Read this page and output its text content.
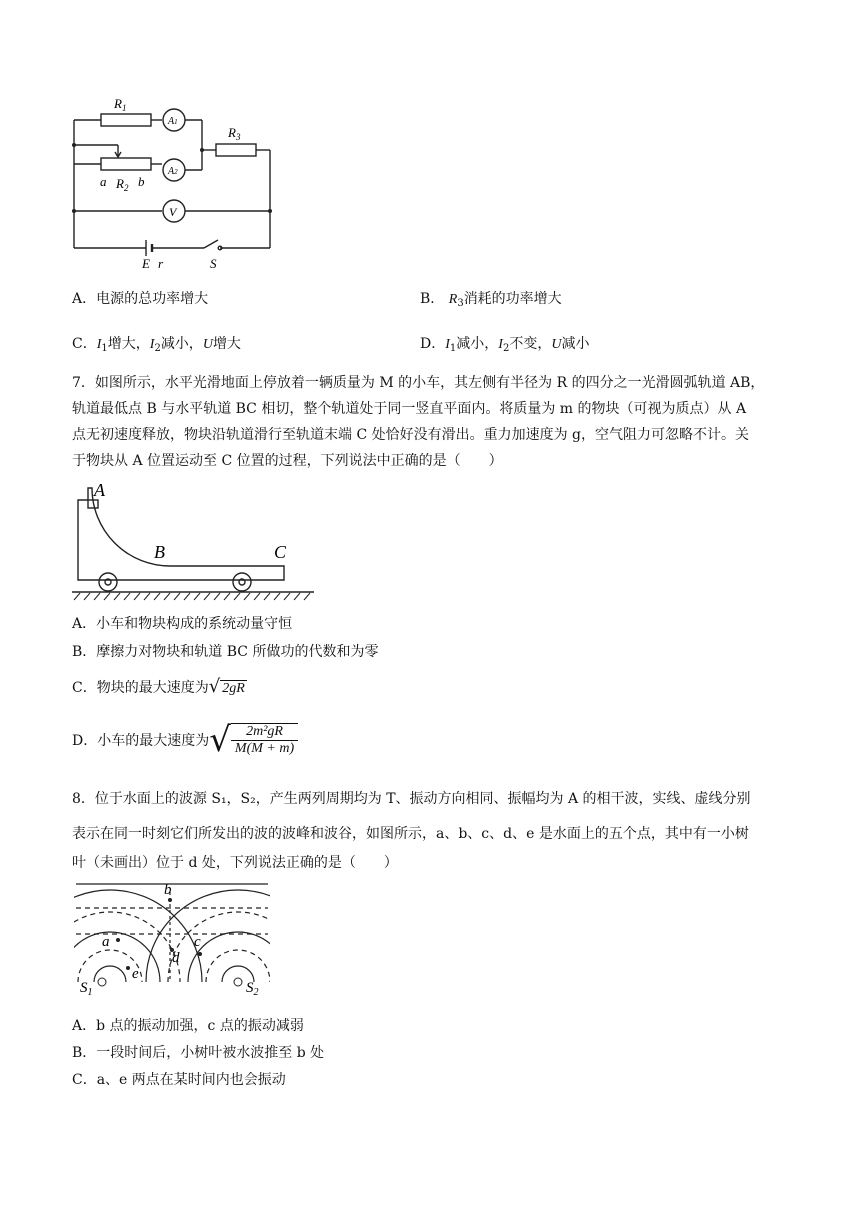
$R_1$
A1
$R_3$
A2
a $R_2$ b
V
E r	S
A．电源的总功率增大	B． $R_3$消耗的功率增大
C．$I_1$增大，$I_2$减小，U增大	D．$I_1$减小，$I_2$不变，U减小
7．如图所示，水平光滑地面上停放着一辆质量为 M 的小车，其左侧有半径为 R 的四分之一光滑圆弧轨道 AB，
轨道最低点 B 与水平轨道 BC 相切，整个轨道处于同一竖直平面内。将质量为 m 的物块（可视为质点）从 A
点无初速度释放，物块沿轨道滑行至轨道末端 C 处恰好没有滑出。重力加速度为 g，空气阻力可忽略不计。关
于物块从 A 位置运动至 C 位置的过程，下列说法中正确的是（　　）
A
B	C
A．小车和物块构成的系统动量守恒
B．摩擦力对物块和轨道 BC 所做功的代数和为零
C．物块的最大速度为√ 2gR
D．小车的最大速度为 √ $\frac{\text{2m²gR}}{M(M + m)}$
8．位于水面上的波源 S₁，S₂，产生两列周期均为 T、振动方向相同、振幅均为 A 的相干波，实线、虚线分别
表示在同一时刻它们所发出的波的波峰和波谷，如图所示，a、b、c、d、e 是水面上的五个点，其中有一小树
叶（未画出）位于 d 处，下列说法正确的是（　　）
b
a	c
d
e
$S_1$	$S_2$
A．b 点的振动加强，c 点的振动减弱
B．一段时间后，小树叶被水波推至 b 处
C．a、e 两点在某时间内也会振动
